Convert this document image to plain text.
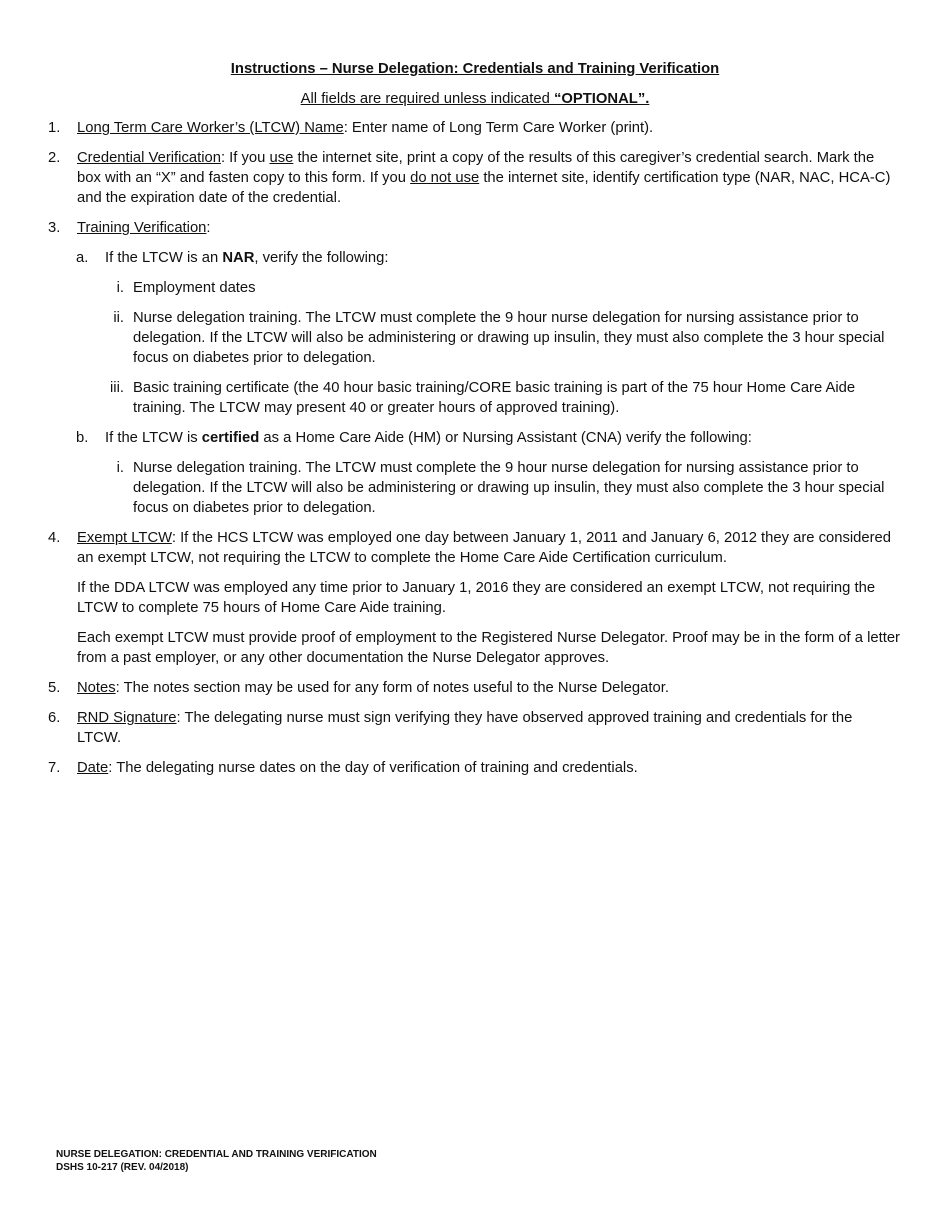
Instructions – Nurse Delegation: Credentials and Training Verification
All fields are required unless indicated “OPTIONAL”.
1. Long Term Care Worker’s (LTCW) Name: Enter name of Long Term Care Worker (print).
2. Credential Verification: If you use the internet site, print a copy of the results of this caregiver’s credential search. Mark the box with an “X” and fasten copy to this form. If you do not use the internet site, identify certification type (NAR, NAC, HCA-C) and the expiration date of the credential.
3. Training Verification:
a. If the LTCW is an NAR, verify the following:
i. Employment dates
ii. Nurse delegation training. The LTCW must complete the 9 hour nurse delegation for nursing assistance prior to delegation. If the LTCW will also be administering or drawing up insulin, they must also complete the 3 hour special focus on diabetes prior to delegation.
iii. Basic training certificate (the 40 hour basic training/CORE basic training is part of the 75 hour Home Care Aide training. The LTCW may present 40 or greater hours of approved training).
b. If the LTCW is certified as a Home Care Aide (HM) or Nursing Assistant (CNA) verify the following:
i. Nurse delegation training. The LTCW must complete the 9 hour nurse delegation for nursing assistance prior to delegation. If the LTCW will also be administering or drawing up insulin, they must also complete the 3 hour special focus on diabetes prior to delegation.
4. Exempt LTCW: If the HCS LTCW was employed one day between January 1, 2011 and January 6, 2012 they are considered an exempt LTCW, not requiring the LTCW to complete the Home Care Aide Certification curriculum.
If the DDA LTCW was employed any time prior to January 1, 2016 they are considered an exempt LTCW, not requiring the LTCW to complete 75 hours of Home Care Aide training.
Each exempt LTCW must provide proof of employment to the Registered Nurse Delegator. Proof may be in the form of a letter from a past employer, or any other documentation the Nurse Delegator approves.
5. Notes: The notes section may be used for any form of notes useful to the Nurse Delegator.
6. RND Signature: The delegating nurse must sign verifying they have observed approved training and credentials for the LTCW.
7. Date: The delegating nurse dates on the day of verification of training and credentials.
NURSE DELEGATION: CREDENTIAL AND TRAINING VERIFICATION
DSHS 10-217 (REV. 04/2018)
